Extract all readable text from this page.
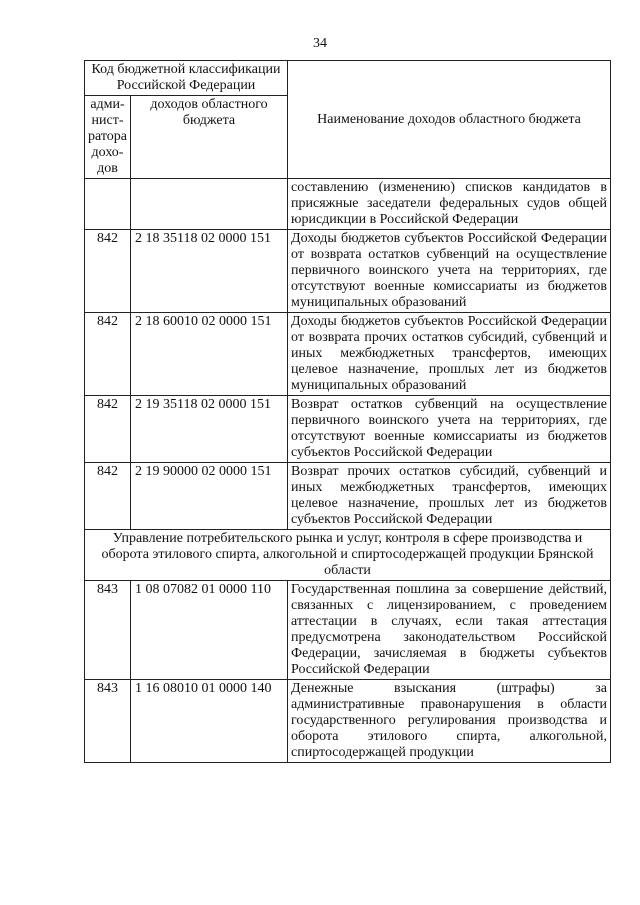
34
Код бюджетной классификации Российской Федерации		Наименование доходов областного бюджета
адми-нист-ратора дохо-дов	доходов областного бюджета	
		составлению (изменению) списков кандидатов в присяжные заседатели федеральных судов общей юрисдикции в Российской Федерации
842	2 18 35118 02 0000 151	Доходы бюджетов субъектов Российской Федерации от возврата остатков субвенций на осуществление первичного воинского учета на территориях, где отсутствуют военные комиссариаты из бюджетов муниципальных образований
842	2 18 60010 02 0000 151	Доходы бюджетов субъектов Российской Федерации от возврата прочих остатков субсидий, субвенций и иных межбюджетных трансфертов, имеющих целевое назначение, прошлых лет из бюджетов муниципальных образований
842	2 19 35118 02 0000 151	Возврат остатков субвенций на осуществление первичного воинского учета на территориях, где отсутствуют военные комиссариаты из бюджетов субъектов Российской Федерации
842	2 19 90000 02 0000 151	Возврат прочих остатков субсидий, субвенций и иных межбюджетных трансфертов, имеющих целевое назначение, прошлых лет из бюджетов субъектов Российской Федерации
Управление потребительского рынка и услуг, контроля в сфере производства и оборота этилового спирта, алкогольной и спиртосодержащей продукции Брянской области		
843	1 08 07082 01 0000 110	Государственная пошлина за совершение действий, связанных с лицензированием, с проведением аттестации в случаях, если такая аттестация предусмотрена законодательством Российской Федерации, зачисляемая в бюджеты субъектов Российской Федерации
843	1 16 08010 01 0000 140	Денежные взыскания (штрафы) за административные правонарушения в области государственного регулирования производства и оборота этилового спирта, алкогольной, спиртосодержащей продукции
